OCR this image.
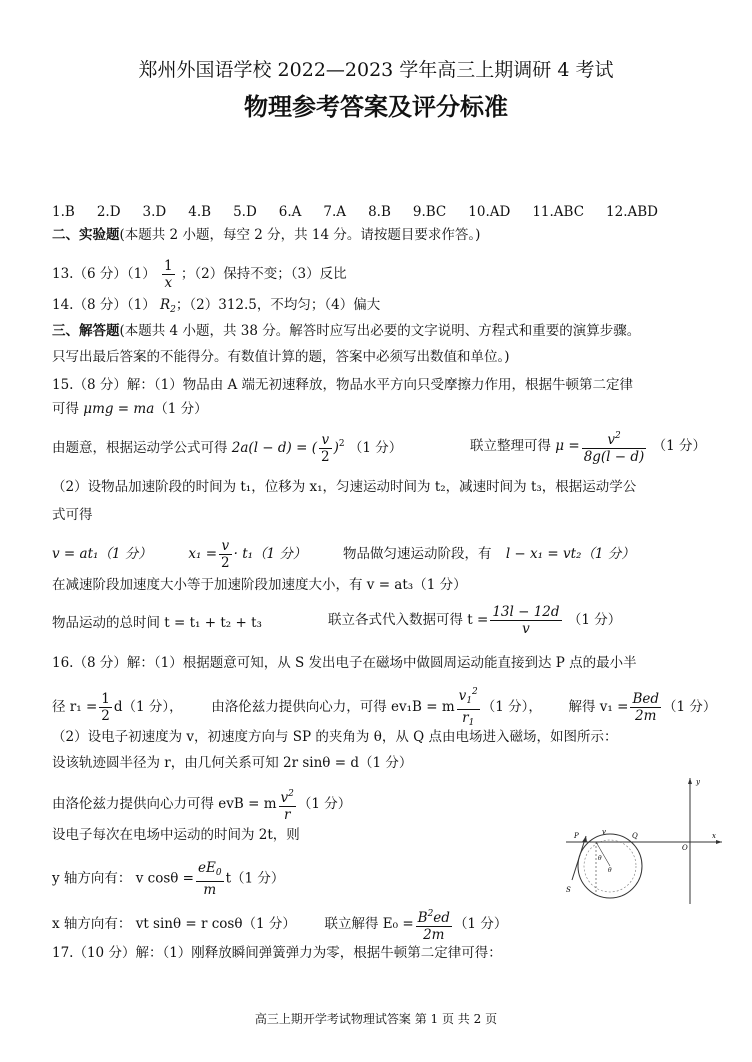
郑州外国语学校 2022—2023 学年高三上期调研 4 考试
物理参考答案及评分标准
1.B 2.D 3.D 4.B 5.D 6.A 7.A 8.B 9.BC 10.AD 11.ABC 12.ABD
二、实验题(本题共 2 小题，每空 2 分，共 14 分。请按题目要求作答。)
13.（6 分）$(1) \frac{1}{x}$ ；（2）保持不变；（3）反比
14.（8 分）（1） $R_2$；（2）312.5，不均匀；（4）偏大
三、解答题(本题共 4 小题，共 38 分。解答时应写出必要的文字说明、方程式和重要的演算步骤。
只写出最后答案的不能得分。有数值计算的题，答案中必须写出数值和单位。)
15.（8 分）解：（1）物品由 A 端无初速释放，物品水平方向只受摩擦力作用，根据牛顿第二定律
可得 μmg = ma（1 分）
由题意，根据运动学公式可得 2a(l − d) = ( $\frac{v}{2} )^2$ （1 分）	联立整理可得 $\mu = \frac{v^2}{8g(l - d)} (1$ 分）
（2）设物品加速阶段的时间为 t₁，位移为 x₁，匀速运动时间为 t₂，减速时间为 t₃，根据运动学公
式可得
v = at₁（1 分）	$x_1 = \frac{v}{2} \cdot t_1(1$ 分）	物品做匀速运动阶段，有 l − x₁ = vt₂（1 分）
在减速阶段加速度大小等于加速阶段加速度大小，有 v = at₃（1 分）
物品运动的总时间 t = t₁ + t₂ + t₃	联立各式代入数据可得 $t = \frac{13l - 12d}{v} (1$ 分）
16.（8 分）解：（1）根据题意可知，从 S 发出电子在磁场中做圆周运动能直接到达 P 点的最小半
径 $r_1 = \frac{1}{2} d(1$ 分）， 由洛伦兹力提供向心力，可得 ev₁B = m $\frac{v_1^2}{r_1} (1$ 分）， 解得 $v_1 = \frac{\text{Bed}}{2m} (1$ 分）
（2）设电子初速度为 v，初速度方向与 SP 的夹角为 θ，从 Q 点由电场进入磁场，如图所示：
设该轨迹圆半径为 r，由几何关系可知 2r sinθ = d（1 分）
由洛伦兹力提供向心力可得 evB = m $\frac{v^2}{r} (1$ 分）
设电子每次在电场中运动的时间为 2t，则
y 轴方向有： v $\cos\theta = \frac{eE_0}{m} t(1$ 分）
x 轴方向有： vt sinθ = r cosθ（1 分） 联立解得 $E_0 = \frac{B^2ed}{2m} (1$ 分）
17.（10 分）解：（1）刚释放瞬间弹簧弹力为零，根据牛顿第二定律可得：
P	v	Q
O
y
x
θ
θ
S
高三上期开学考试物理试答案 第 1 页 共 2 页
